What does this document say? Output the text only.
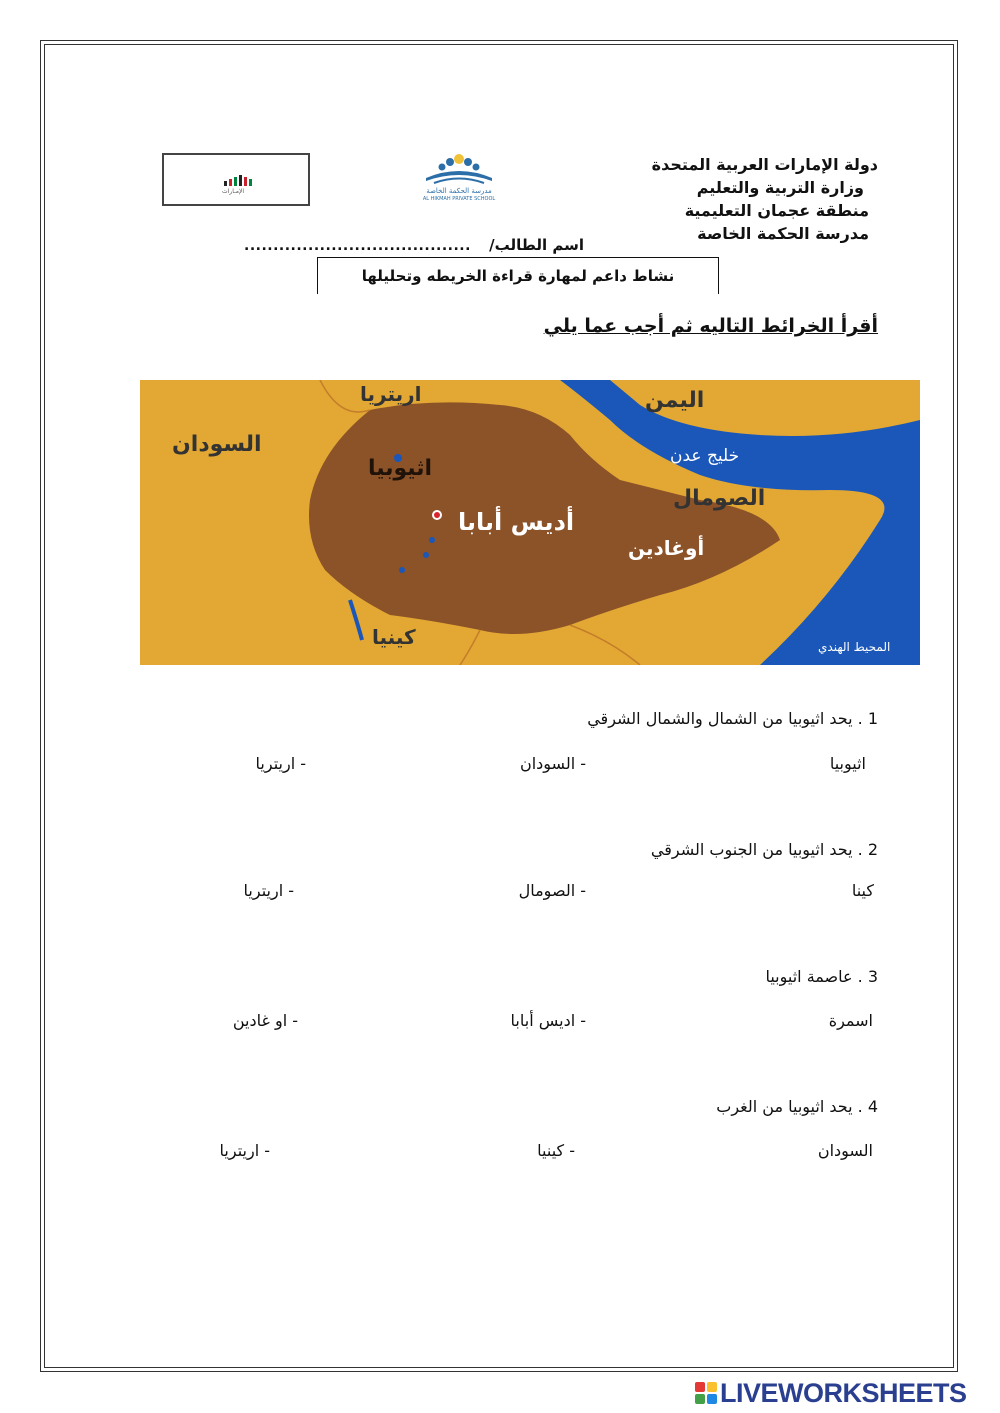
دولة الإمارات العربية المتحدة
وزارة التربية والتعليم
منطقة عجمان التعليمية
مدرسة الحكمة الخاصة
الإمـارات	مدرسة الحكمة الخاصة
AL HIKMAH PRIVATE SCHOOL
اسم الطالب/
.......................................
نشاط داعم لمهارة قراءة الخريطه وتحليلها
أقرأ الخرائط التاليه ثم أجب عما يلي
اريتريا	اليمن
السودان
اثيوبيا	خليج عدن
الصومال
أديس أبابا
أوغادين
كينيا	المحيط الهندي
1 . يحد اثيوبيا من الشمال والشمال الشرقي
اثيوبيا
- السودان
- اريتريا
2 . يحد اثيوبيا من الجنوب الشرقي
كينا
- الصومال
- اريتريا
3 . عاصمة اثيوبيا
اسمرة
- اديس أبابا
- او غادين
4 . يحد اثيوبيا من الغرب
السودان
- كينيا
- اريتريا
LIVEWORKSHEETS
